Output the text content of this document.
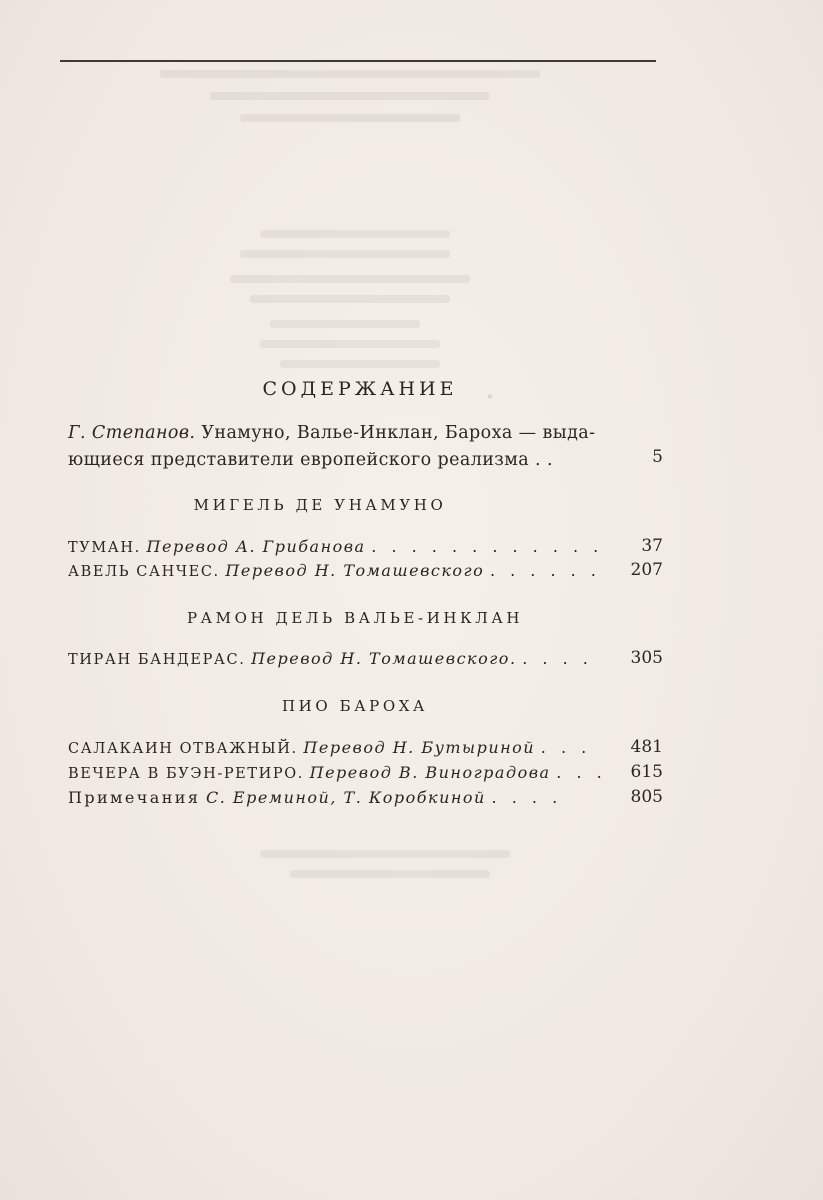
СОДЕРЖАНИЕ	◦
Г. Степанов. Унамуно, Валье-Инклан, Бароха — выда-
ющиеся представители европейского реализма . .	5
МИГЕЛЬ ДЕ УНАМУНО
ТУМАН. Перевод А. Грибанова . . . . . . . . . . . .	37
АВЕЛЬ САНЧЕС. Перевод Н. Томашевского . . . . . .	207
РАМОН ДЕЛЬ ВАЛЬЕ-ИНКЛАН
ТИРАН БАНДЕРАС. Перевод Н. Томашевского. . . . .	305
ПИО БАРОХА
САЛАКАИН ОТВАЖНЫЙ. Перевод Н. Бутыриной . . .	481
ВЕЧЕРА В БУЭН-РЕТИРО. Перевод В. Виноградова . . .	615
Примечания С. Ереминой, Т. Коробкиной . . . .	805
